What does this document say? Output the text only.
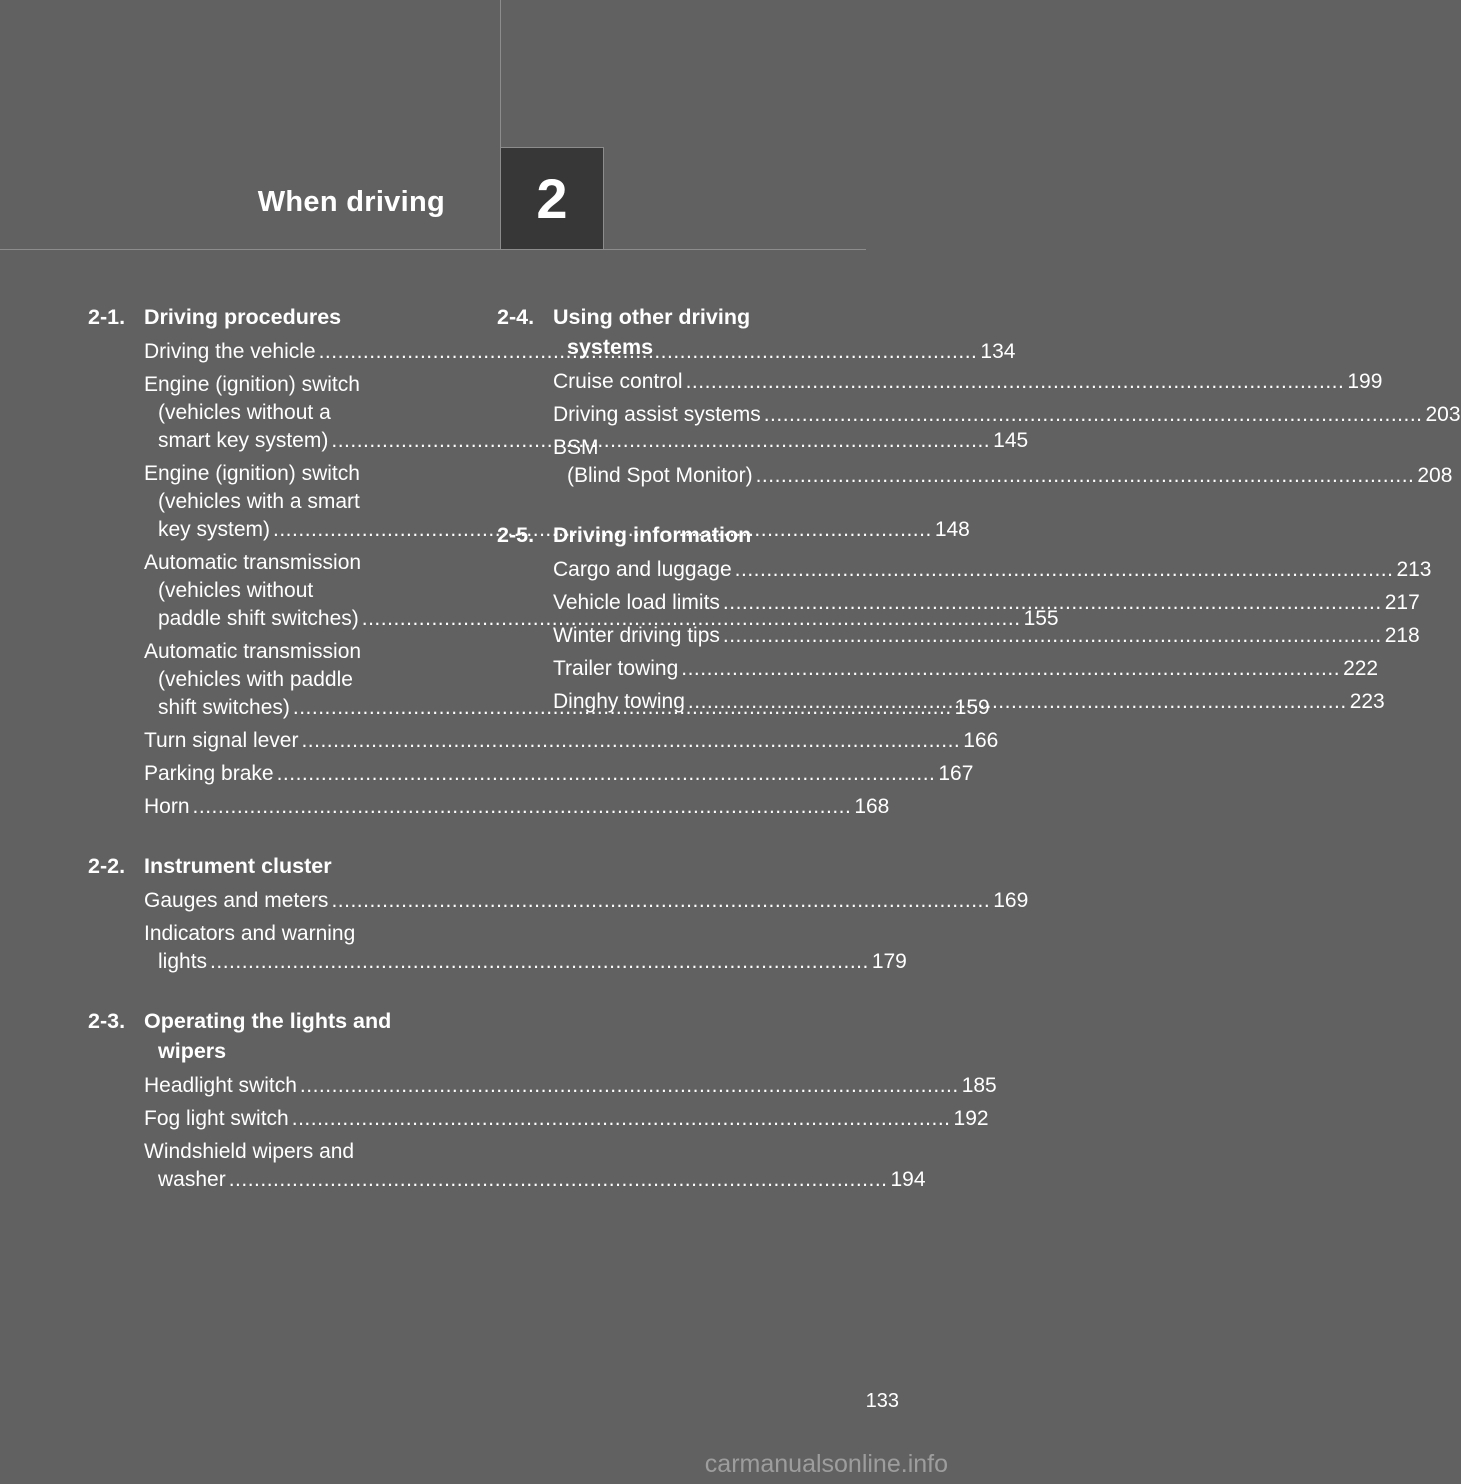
When driving 2
2-1. Driving procedures
Driving the vehicle .....	134
Engine (ignition) switch
(vehicles without a
smart key system) .....	145
Engine (ignition) switch
(vehicles with a smart
key system) .....	148
Automatic transmission
(vehicles without
paddle shift switches) .....	155
Automatic transmission
(vehicles with paddle
shift switches) .....	159
Turn signal lever .....	166
Parking brake .....	167
Horn .....	168
2-2. Instrument cluster
Gauges and meters .....	169
Indicators and warning
lights .....	179
2-3. Operating the lights and

wipers
Headlight switch .....	185
Fog light switch .....	192
Windshield wipers and
washer .....	194
2-4. Using other driving

systems
Cruise control .....	199
Driving assist systems .....	203
BSM
(Blind Spot Monitor) .....	208
2-5. Driving information
Cargo and luggage .....	213
Vehicle load limits .....	217
Winter driving tips .....	218
Trailer towing .....	222
Dinghy towing .....	223
133
carmanualsonline.info
